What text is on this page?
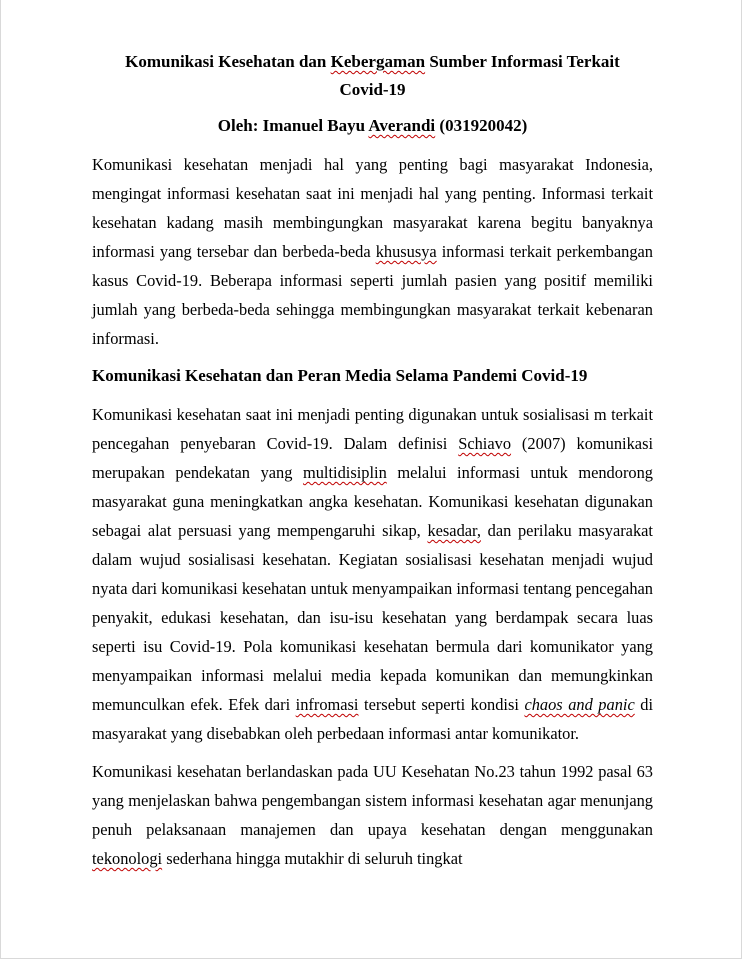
Komunikasi Kesehatan dan Kebergaman Sumber Informasi Terkait
Covid-19

Oleh: Imanuel Bayu Averandi (031920042)

Komunikasi kesehatan menjadi hal yang penting bagi masyarakat Indonesia, mengingat informasi kesehatan saat ini menjadi hal yang penting. Informasi terkait kesehatan kadang masih membingungkan masyarakat karena begitu banyaknya informasi yang tersebar dan berbeda-beda khususya informasi terkait perkembangan kasus Covid-19. Beberapa informasi seperti jumlah pasien yang positif memiliki jumlah yang berbeda-beda sehingga membingungkan masyarakat terkait kebenaran informasi.

Komunikasi Kesehatan dan Peran Media Selama Pandemi Covid-19

Komunikasi kesehatan saat ini menjadi penting digunakan untuk sosialisasi m terkait pencegahan penyebaran Covid-19. Dalam definisi Schiavo (2007) komunikasi merupakan pendekatan yang multidisiplin melalui informasi untuk mendorong masyarakat guna meningkatkan angka kesehatan. Komunikasi kesehatan digunakan sebagai alat persuasi yang mempengaruhi sikap, kesadar, dan perilaku masyarakat dalam wujud sosialisasi kesehatan. Kegiatan sosialisasi kesehatan menjadi wujud nyata dari komunikasi kesehatan untuk menyampaikan informasi tentang pencegahan penyakit, edukasi kesehatan, dan isu-isu kesehatan yang berdampak secara luas seperti isu Covid-19. Pola komunikasi kesehatan bermula dari komunikator yang menyampaikan informasi melalui media kepada komunikan dan memungkinkan memunculkan efek. Efek dari infromasi tersebut seperti kondisi chaos and panic di masyarakat yang disebabkan oleh perbedaan informasi antar komunikator.

Komunikasi kesehatan berlandaskan pada UU Kesehatan No.23 tahun 1992 pasal 63 yang menjelaskan bahwa pengembangan sistem informasi kesehatan agar menunjang penuh pelaksanaan manajemen dan upaya kesehatan dengan menggunakan tekonologi sederhana hingga mutakhir di seluruh tingkat
